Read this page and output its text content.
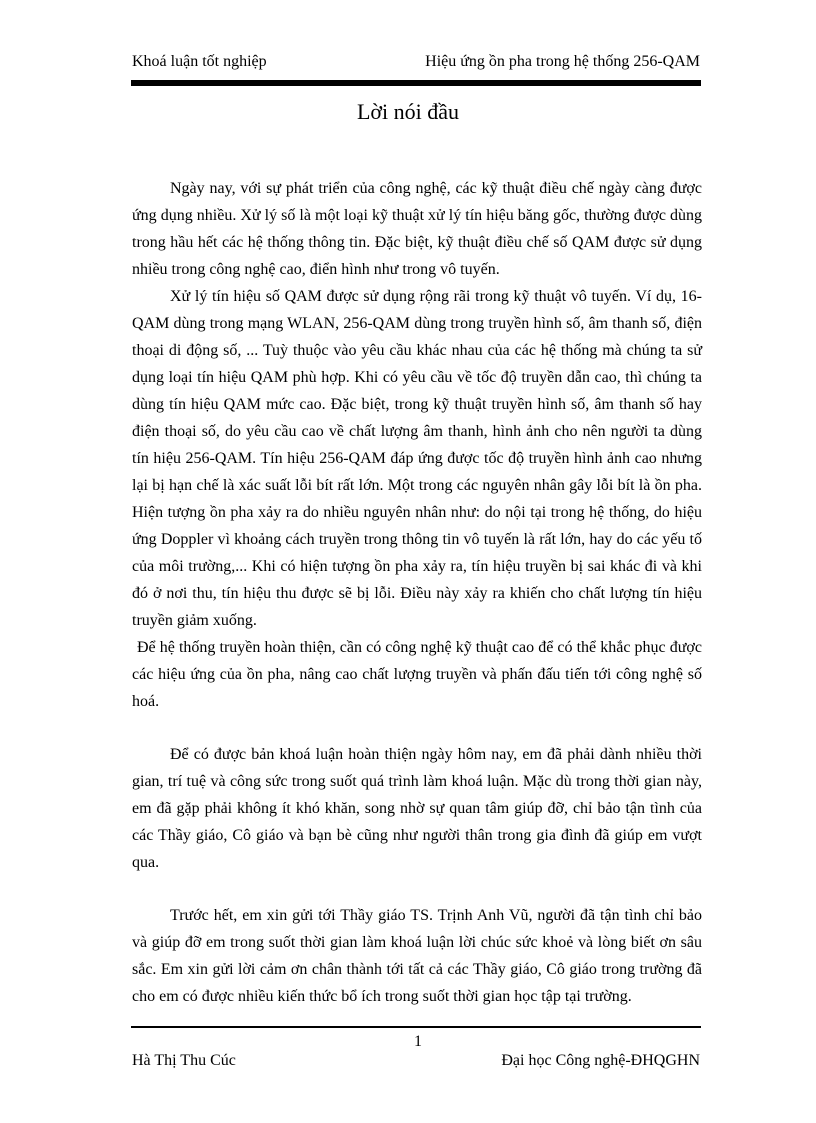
Khoá luận tốt nghiệp	Hiệu ứng ồn pha trong hệ thống 256-QAM
Lời nói đầu

Ngày nay, với sự phát triển của công nghệ, các kỹ thuật điều chế ngày càng được ứng dụng nhiều. Xử lý số là một loại kỹ thuật xử lý tín hiệu băng gốc, thường được dùng trong hầu hết các hệ thống thông tin. Đặc biệt, kỹ thuật điều chế số QAM được sử dụng nhiều trong công nghệ cao, điển hình như trong vô tuyến.

Xử lý tín hiệu số QAM được sử dụng rộng rãi trong kỹ thuật vô tuyến. Ví dụ, 16-QAM dùng trong mạng WLAN, 256-QAM dùng trong truyền hình số, âm thanh số, điện thoại di động số, ... Tuỳ thuộc vào yêu cầu khác nhau của các hệ thống mà chúng ta sử dụng loại tín hiệu QAM phù hợp. Khi có yêu cầu về tốc độ truyền dẫn cao, thì chúng ta dùng tín hiệu QAM mức cao. Đặc biệt, trong kỹ thuật truyền hình số, âm thanh số hay điện thoại số, do yêu cầu cao về chất lượng âm thanh, hình ảnh cho nên người ta dùng tín hiệu 256-QAM. Tín hiệu 256-QAM đáp ứng được tốc độ truyền hình ảnh cao nhưng lại bị hạn chế là xác suất lỗi bít rất lớn. Một trong các nguyên nhân gây lỗi bít là ồn pha. Hiện tượng ồn pha xảy ra do nhiều nguyên nhân như: do nội tại trong hệ thống, do hiệu ứng Doppler vì khoảng cách truyền trong thông tin vô tuyến là rất lớn, hay do các yếu tố của môi trường,... Khi có hiện tượng ồn pha xảy ra, tín hiệu truyền bị sai khác đi và khi đó ở nơi thu, tín hiệu thu được sẽ bị lỗi. Điều này xảy ra khiến cho chất lượng tín hiệu truyền giảm xuống.

Để hệ thống truyền hoàn thiện, cần có công nghệ kỹ thuật cao để có thể khắc phục được các hiệu ứng của ồn pha, nâng cao chất lượng truyền và phấn đấu tiến tới công nghệ số hoá.

Để có được bản khoá luận hoàn thiện ngày hôm nay, em đã phải dành nhiều thời gian, trí tuệ và công sức trong suốt quá trình làm khoá luận. Mặc dù trong thời gian này, em đã gặp phải không ít khó khăn, song nhờ sự quan tâm giúp đỡ, chỉ bảo tận tình của các Thầy giáo, Cô giáo và bạn bè cũng như người thân trong gia đình đã giúp em vượt qua.

Trước hết, em xin gửi tới Thầy giáo TS. Trịnh Anh Vũ, người đã tận tình chỉ bảo và giúp đỡ em trong suốt thời gian làm khoá luận lời chúc sức khoẻ và lòng biết ơn sâu sắc. Em xin gửi lời cảm ơn chân thành tới tất cả các Thầy giáo, Cô giáo trong trường đã cho em có được nhiều kiến thức bổ ích trong suốt thời gian học tập tại trường.

1
Hà Thị Thu Cúc	Đại học Công nghệ-ĐHQGHN
